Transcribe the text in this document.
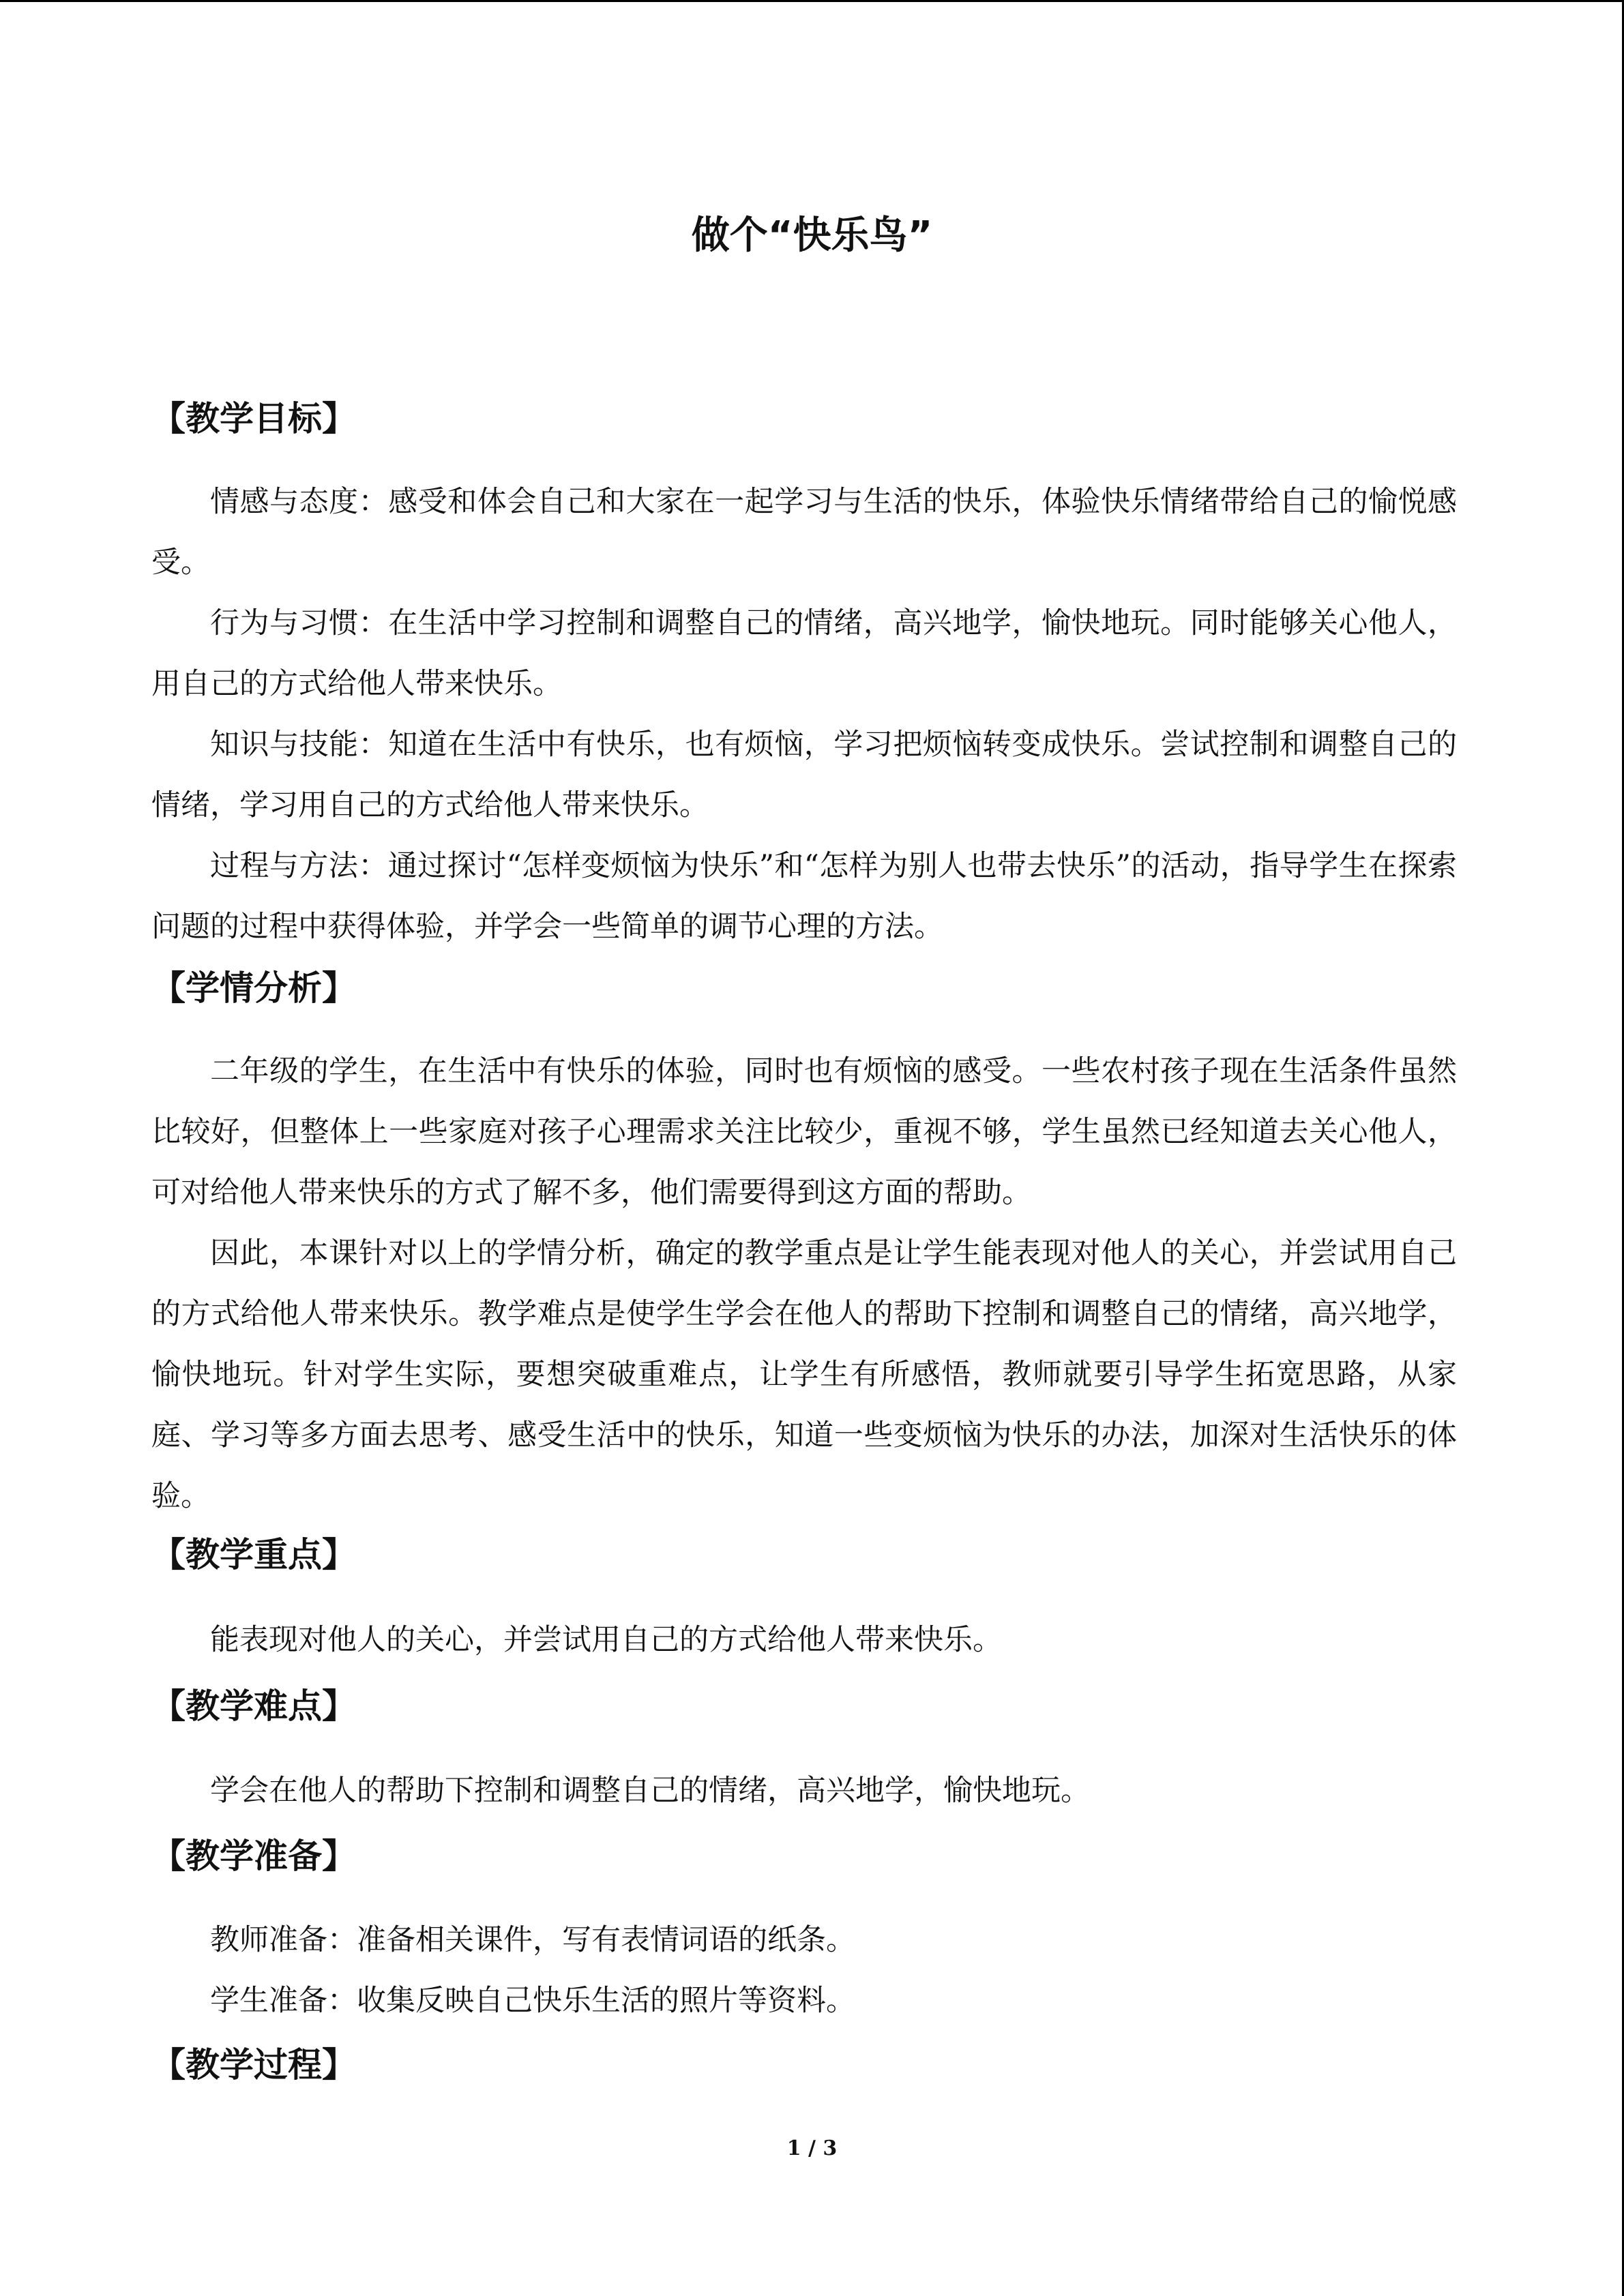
做个“快乐鸟”
【教学目标】

情感与态度：感受和体会自己和大家在一起学习与生活的快乐，体验快乐情绪带给自己的愉悦感受。

行为与习惯：在生活中学习控制和调整自己的情绪，高兴地学，愉快地玩。同时能够关心他人，用自己的方式给他人带来快乐。

知识与技能：知道在生活中有快乐，也有烦恼，学习把烦恼转变成快乐。尝试控制和调整自己的情绪，学习用自己的方式给他人带来快乐。

过程与方法：通过探讨“怎样变烦恼为快乐”和“怎样为别人也带去快乐”的活动，指导学生在探索问题的过程中获得体验，并学会一些简单的调节心理的方法。

【学情分析】

二年级的学生，在生活中有快乐的体验，同时也有烦恼的感受。一些农村孩子现在生活条件虽然比较好，但整体上一些家庭对孩子心理需求关注比较少，重视不够，学生虽然已经知道去关心他人，可对给他人带来快乐的方式了解不多，他们需要得到这方面的帮助。

因此，本课针对以上的学情分析，确定的教学重点是让学生能表现对他人的关心，并尝试用自己的方式给他人带来快乐。教学难点是使学生学会在他人的帮助下控制和调整自己的情绪，高兴地学，愉快地玩。针对学生实际，要想突破重难点，让学生有所感悟，教师就要引导学生拓宽思路，从家庭、学习等多方面去思考、感受生活中的快乐，知道一些变烦恼为快乐的办法，加深对生活快乐的体验。

【教学重点】

能表现对他人的关心，并尝试用自己的方式给他人带来快乐。

【教学难点】

学会在他人的帮助下控制和调整自己的情绪，高兴地学，愉快地玩。

【教学准备】

教师准备：准备相关课件，写有表情词语的纸条。

学生准备：收集反映自己快乐生活的照片等资料。

【教学过程】
1 / 3
